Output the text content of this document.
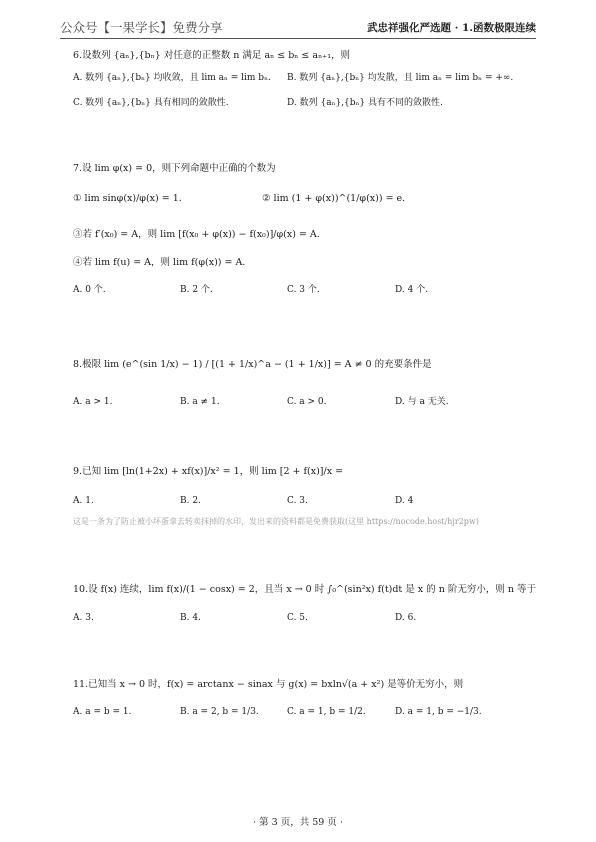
公众号【一果学长】免费分享	武忠祥强化严选题 · 1.函数极限连续
6.设数列 {aₙ},{bₙ} 对任意的正整数 n 满足 aₙ ≤ bₙ ≤ aₙ₊₁，则
A. 数列 {aₙ},{bₙ} 均收敛，且 lim aₙ = lim bₙ. B. 数列 {aₙ},{bₙ} 均发散，且 lim aₙ = lim bₙ = +∞.
C. 数列 {aₙ},{bₙ} 具有相同的敛散性.	D. 数列 {aₙ},{bₙ} 具有不同的敛散性.
7.设 lim φ(x) = 0，则下列命题中正确的个数为
① lim sinφ(x)/φ(x) = 1.	② lim (1 + φ(x))^(1/φ(x)) = e.
③若 f′(x₀) = A，则 lim [f(x₀ + φ(x)) − f(x₀)]/φ(x) = A.
④若 lim f(u) = A，则 lim f(φ(x)) = A.
A. 0 个.	B. 2 个.	C. 3 个.	D. 4 个.
8.极限 lim (e^(sin 1/x) − 1) / [(1 + 1/x)^a − (1 + 1/x)] = A ≠ 0 的充要条件是
A. a > 1.	B. a ≠ 1.	C. a > 0.	D. 与 a 无关.
9.已知 lim [ln(1+2x) + xf(x)]/x² = 1，则 lim [2 + f(x)]/x =
A. 1.	B. 2.	C. 3.	D. 4
这是一条为了防止被小坏蛋拿去转卖抹掉的水印，发出来的资料都是免费获取(这里 https://nocode.host/hjr2pw)
10.设 f(x) 连续，lim f(x)/(1 − cosx) = 2，且当 x → 0 时 ∫₀^(sin²x) f(t)dt 是 x 的 n 阶无穷小，则 n 等于
A. 3.	B. 4.	C. 5.	D. 6.
11.已知当 x → 0 时，f(x) = arctanx − sinax 与 g(x) = bxln√(a + x²) 是等价无穷小，则
A. a = b = 1.	B. a = 2, b = 1/3.	C. a = 1, b = 1/2.	D. a = 1, b = −1/3.
· 第 3 页，共 59 页 ·
